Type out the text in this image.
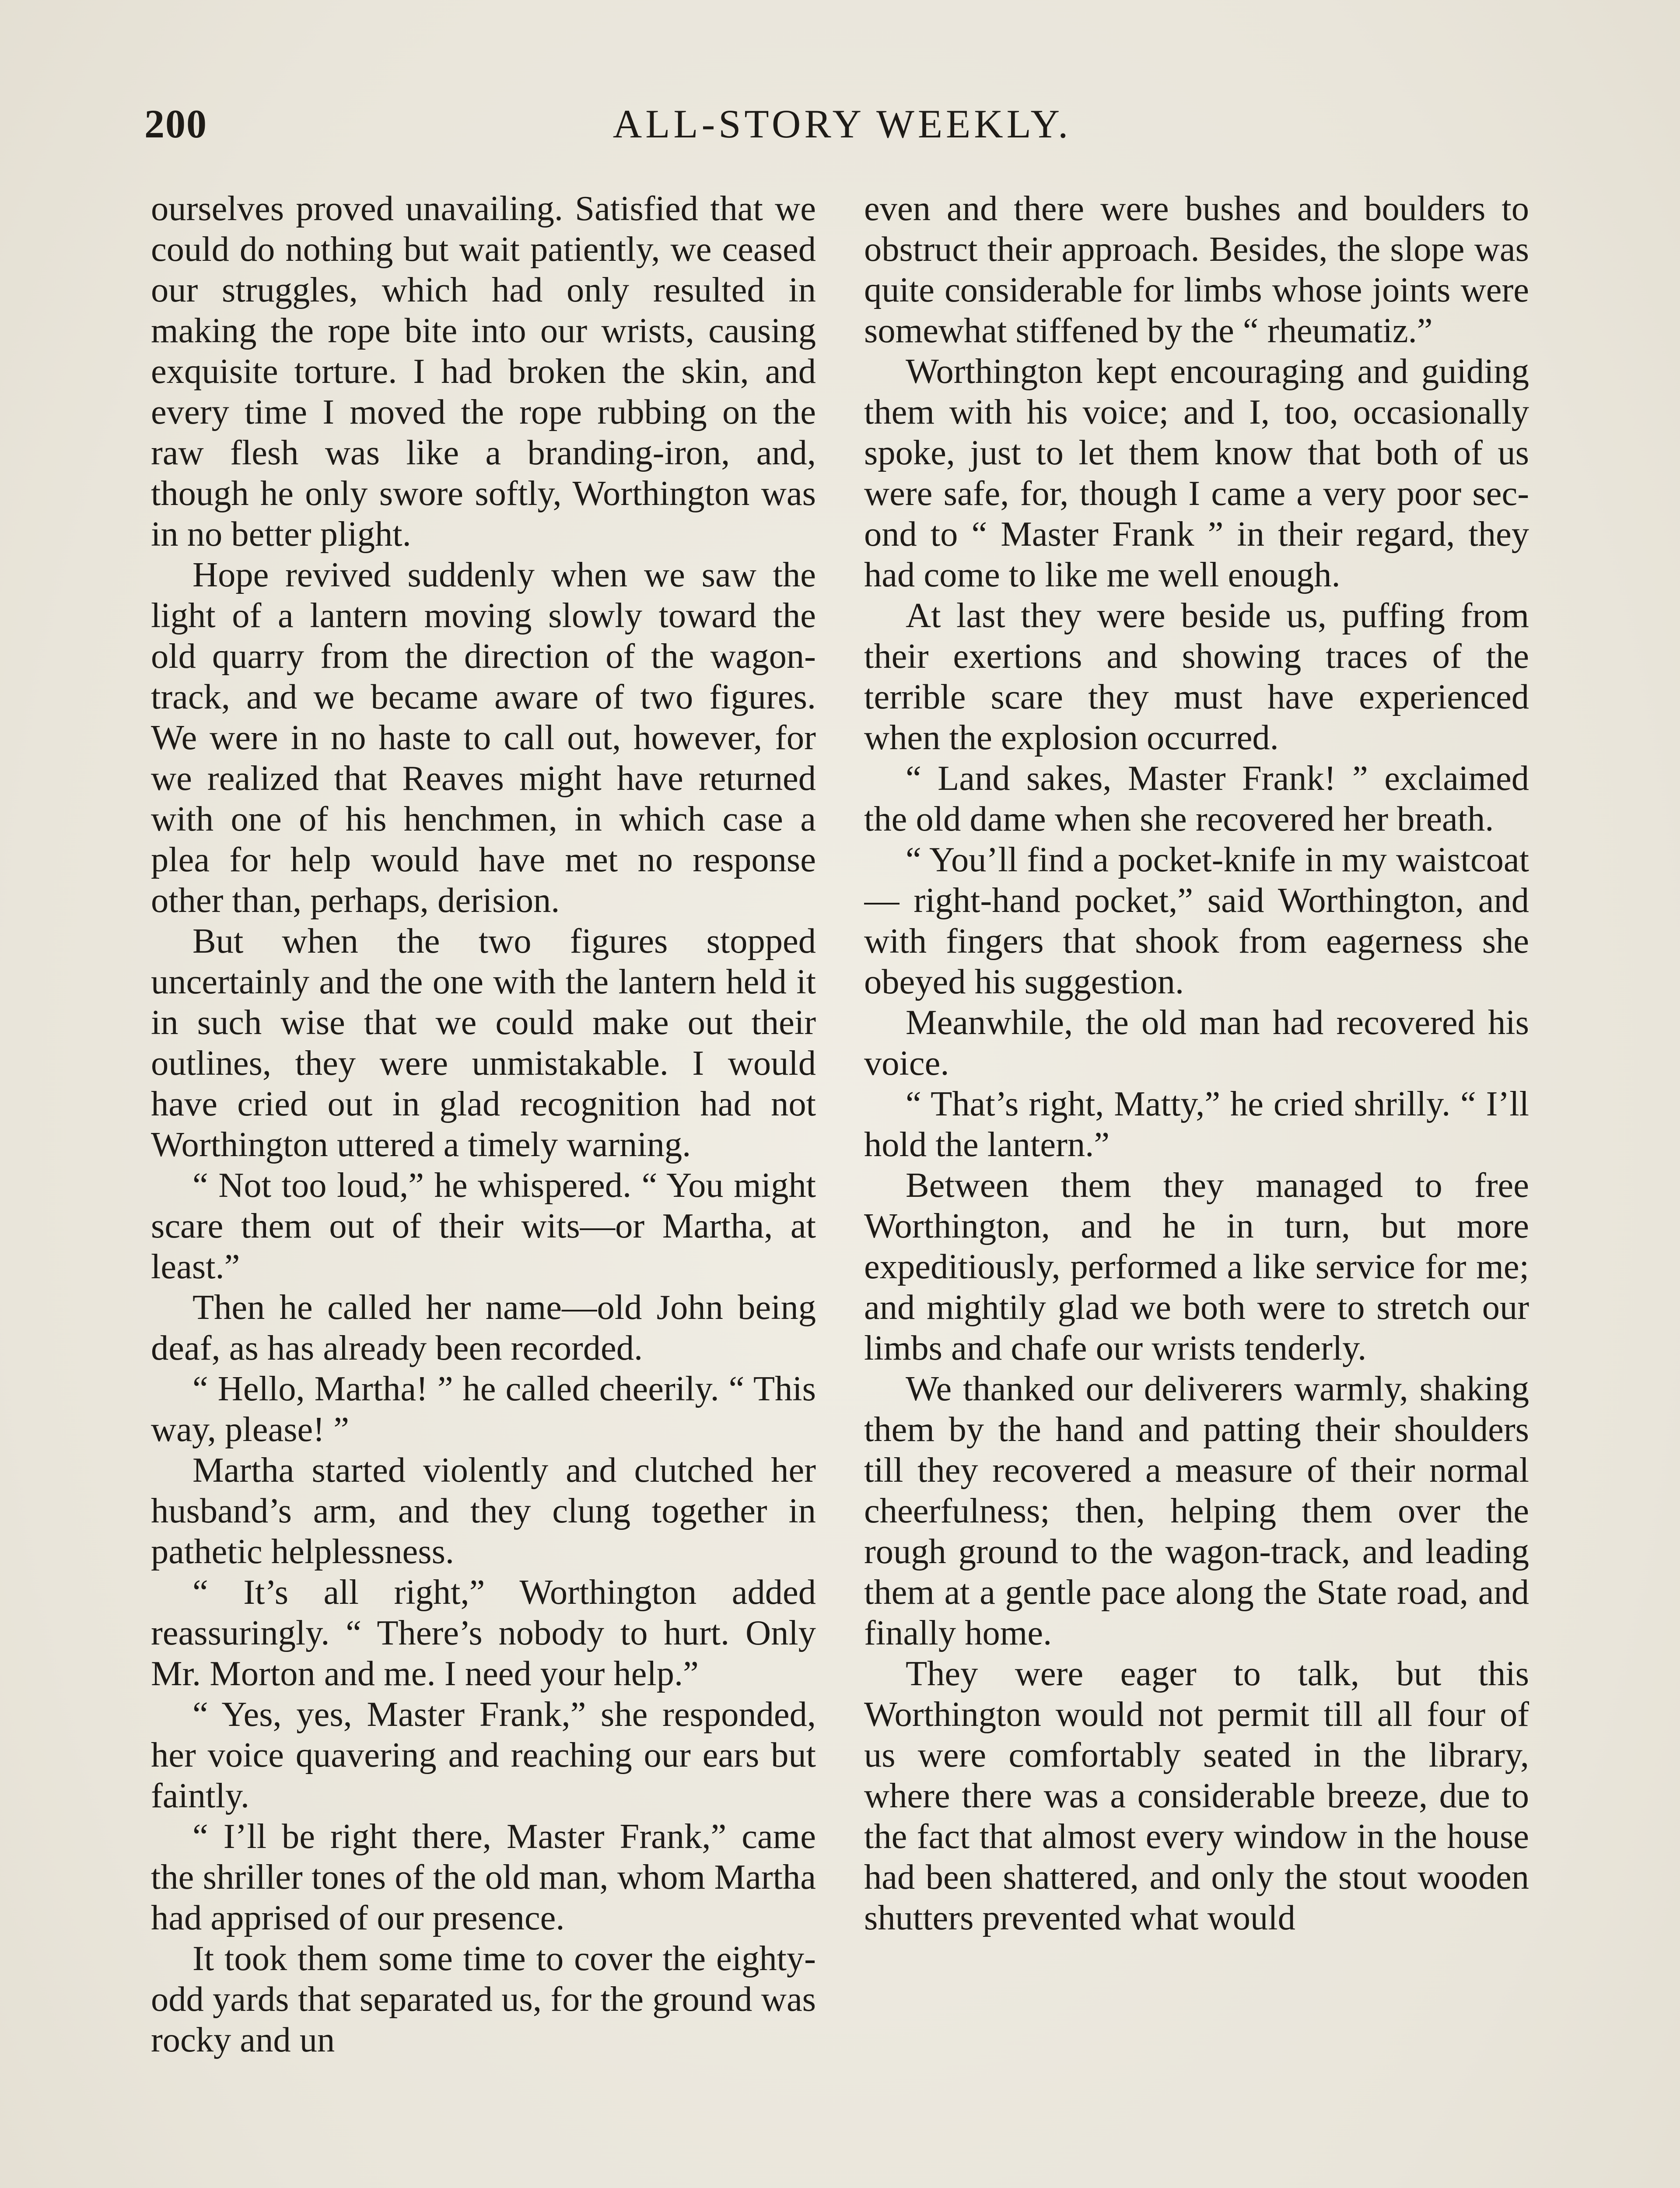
200	ALL-STORY WEEKLY.

ourselves proved unavailing. Satisfied that we could do nothing but wait patiently, we ceased our struggles, which had only resulted in making the rope bite into our wrists, causing exquisite torture. I had broken the skin, and every time I moved the rope rubbing on the raw flesh was like a branding-iron, and, though he only swore softly, Worthington was in no better plight.

Hope revived suddenly when we saw the light of a lantern moving slowly toward the old quarry from the direction of the wagon-track, and we became aware of two figures. We were in no haste to call out, however, for we realized that Reaves might have returned with one of his henchmen, in which case a plea for help would have met no response other than, perhaps, derision.

But when the two figures stopped uncertainly and the one with the lantern held it in such wise that we could make out their outlines, they were unmistakable. I would have cried out in glad recognition had not Worthington uttered a timely warning.

“ Not too loud,” he whispered. “ You might scare them out of their wits—or Martha, at least.”

Then he called her name—old John being deaf, as has already been recorded.

“ Hello, Martha! ” he called cheerily. “ This way, please! ”

Martha started violently and clutched her husband’s arm, and they clung together in pathetic helplessness.

“ It’s all right,” Worthington added reassuringly. “ There’s nobody to hurt. Only Mr. Morton and me. I need your help.”

“ Yes, yes, Master Frank,” she responded, her voice quavering and reaching our ears but faintly.

“ I’ll be right there, Master Frank,” came the shriller tones of the old man, whom Martha had apprised of our presence.

It took them some time to cover the eighty-odd yards that separated us, for the ground was rocky and un

even and there were bushes and boulders to obstruct their approach. Besides, the slope was quite considerable for limbs whose joints were somewhat stiffened by the “ rheumatiz.”

Worthington kept encouraging and guiding them with his voice; and I, too, occasionally spoke, just to let them know that both of us were safe, for, though I came a very poor second to “ Master Frank ” in their regard, they had come to like me well enough.

At last they were beside us, puffing from their exertions and showing traces of the terrible scare they must have experienced when the explosion occurred.

“ Land sakes, Master Frank! ” exclaimed the old dame when she recovered her breath.

“ You’ll find a pocket-knife in my waistcoat — right-hand pocket,” said Worthington, and with fingers that shook from eagerness she obeyed his suggestion.

Meanwhile, the old man had recovered his voice.

“ That’s right, Matty,” he cried shrilly. “ I’ll hold the lantern.”

Between them they managed to free Worthington, and he in turn, but more expeditiously, performed a like service for me; and mightily glad we both were to stretch our limbs and chafe our wrists tenderly.

We thanked our deliverers warmly, shaking them by the hand and patting their shoulders till they recovered a measure of their normal cheerfulness; then, helping them over the rough ground to the wagon-track, and leading them at a gentle pace along the State road, and finally home.

They were eager to talk, but this Worthington would not permit till all four of us were comfortably seated in the library, where there was a considerable breeze, due to the fact that almost every window in the house had been shattered, and only the stout wooden shutters prevented what would
